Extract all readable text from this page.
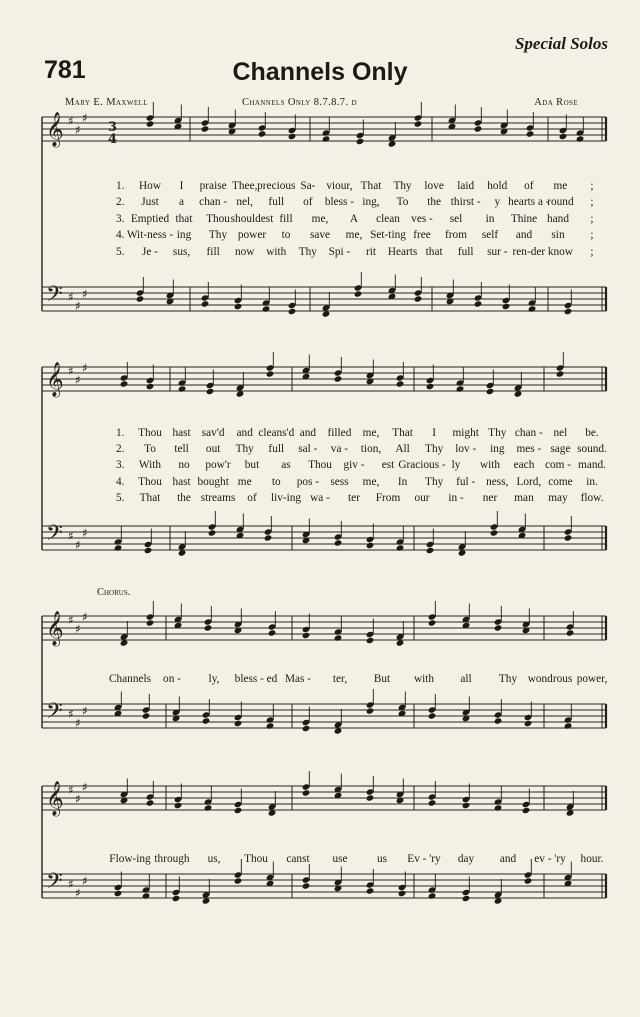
Special Solos
781	Channels Only
Mary E. Maxwell	Channels Only 8.7.8.7. d	Ada Rose
Chorus.
𝄞 ♯
♯
♯
𝄢 ♯
♯
♯
𝄞 ♯
♯
♯
𝄢 ♯
♯
♯
𝄞 ♯
♯
♯
𝄢 ♯
♯
♯
𝄞 ♯
♯
♯
𝄢 ♯
♯
♯
3
4
1. How I praise Thee, precious Sa- viour, That Thy love laid hold of me ;
2. Just a chan - nel, full of bless - ing, To the thirst - y hearts a -
round ;
3. Emptied that Thou shouldest fill me, A clean ves - sel in Thine hand ;
4. Wit-ness - ing Thy power to save me, Set-ting free from self and sin ;
5. Je - sus, fill now with Thy Spi - rit Hearts that full sur - ren-der know ;
1. Thou hast sav'd and cleans'd and filled me, That I might Thy chan - nel be.
2. To tell out Thy full sal - va - tion, All Thy lov - ing mes - sage sound.
3. With no pow'r but as Thou giv - est Gracious - ly with each com - mand.
4. Thou hast bought me to pos - sess me, In Thy ful - ness, Lord, come in.
5. That the streams of liv-ing wa - ter From our in - ner man may flow.
Channels on - ly, bless - ed Mas - ter, But with all Thy wondrous power,
Flow-ing through us, Thou canst use	us Ev - 'ry day and ev - 'ry hour.
